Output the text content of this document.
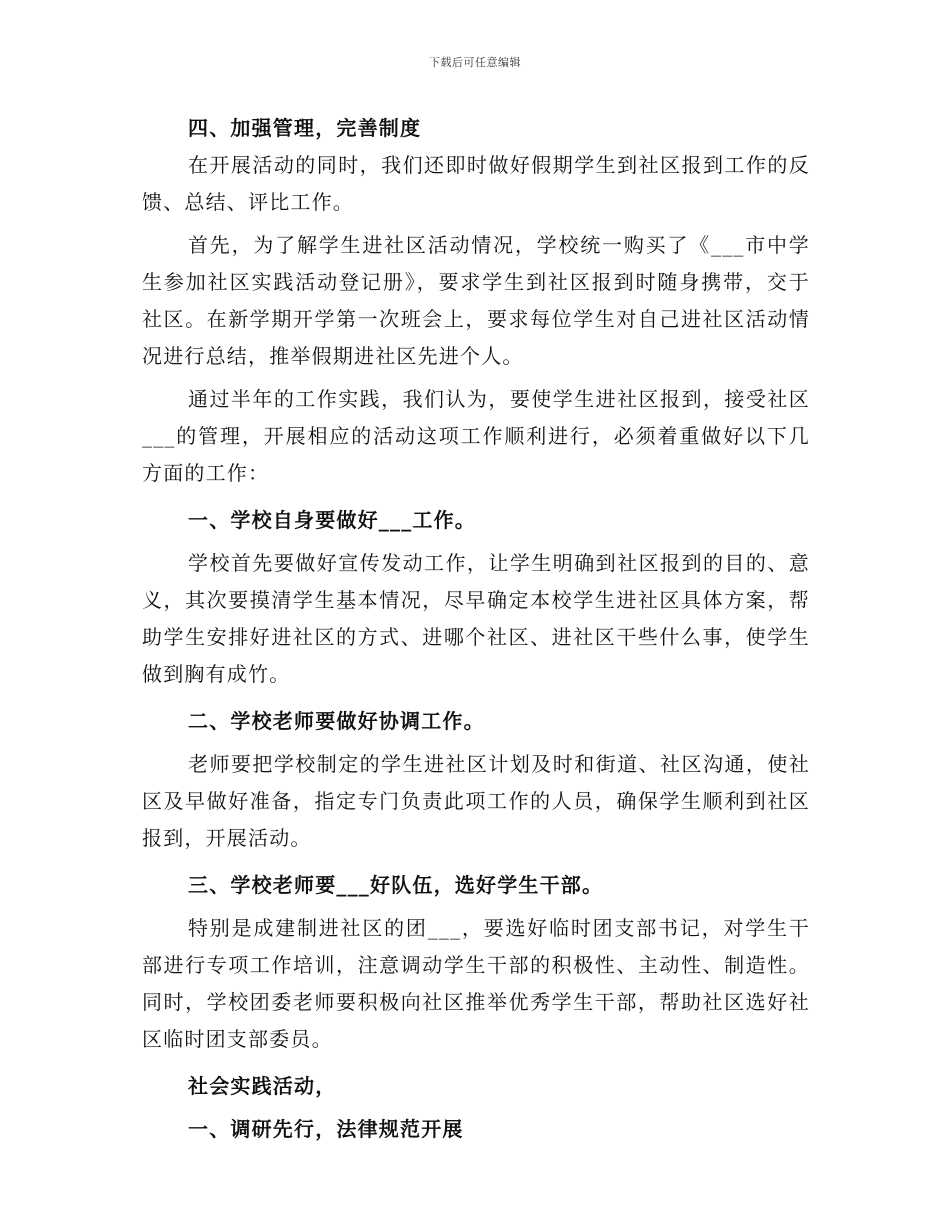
下载后可任意编辑

四、加强管理，完善制度

在开展活动的同时，我们还即时做好假期学生到社区报到工作的反馈、总结、评比工作。

首先，为了解学生进社区活动情况，学校统一购买了《___市中学生参加社区实践活动登记册》，要求学生到社区报到时随身携带，交于社区。在新学期开学第一次班会上，要求每位学生对自己进社区活动情况进行总结，推举假期进社区先进个人。

通过半年的工作实践，我们认为，要使学生进社区报到，接受社区___的管理，开展相应的活动这项工作顺利进行，必须着重做好以下几方面的工作：

一、学校自身要做好___工作。

学校首先要做好宣传发动工作，让学生明确到社区报到的目的、意义，其次要摸清学生基本情况，尽早确定本校学生进社区具体方案，帮助学生安排好进社区的方式、进哪个社区、进社区干些什么事，使学生做到胸有成竹。

二、学校老师要做好协调工作。

老师要把学校制定的学生进社区计划及时和街道、社区沟通，使社区及早做好准备，指定专门负责此项工作的人员，确保学生顺利到社区报到，开展活动。

三、学校老师要___好队伍，选好学生干部。

特别是成建制进社区的团___，要选好临时团支部书记，对学生干部进行专项工作培训，注意调动学生干部的积极性、主动性、制造性。同时，学校团委老师要积极向社区推举优秀学生干部，帮助社区选好社区临时团支部委员。

社会实践活动，

一、调研先行，法律规范开展
